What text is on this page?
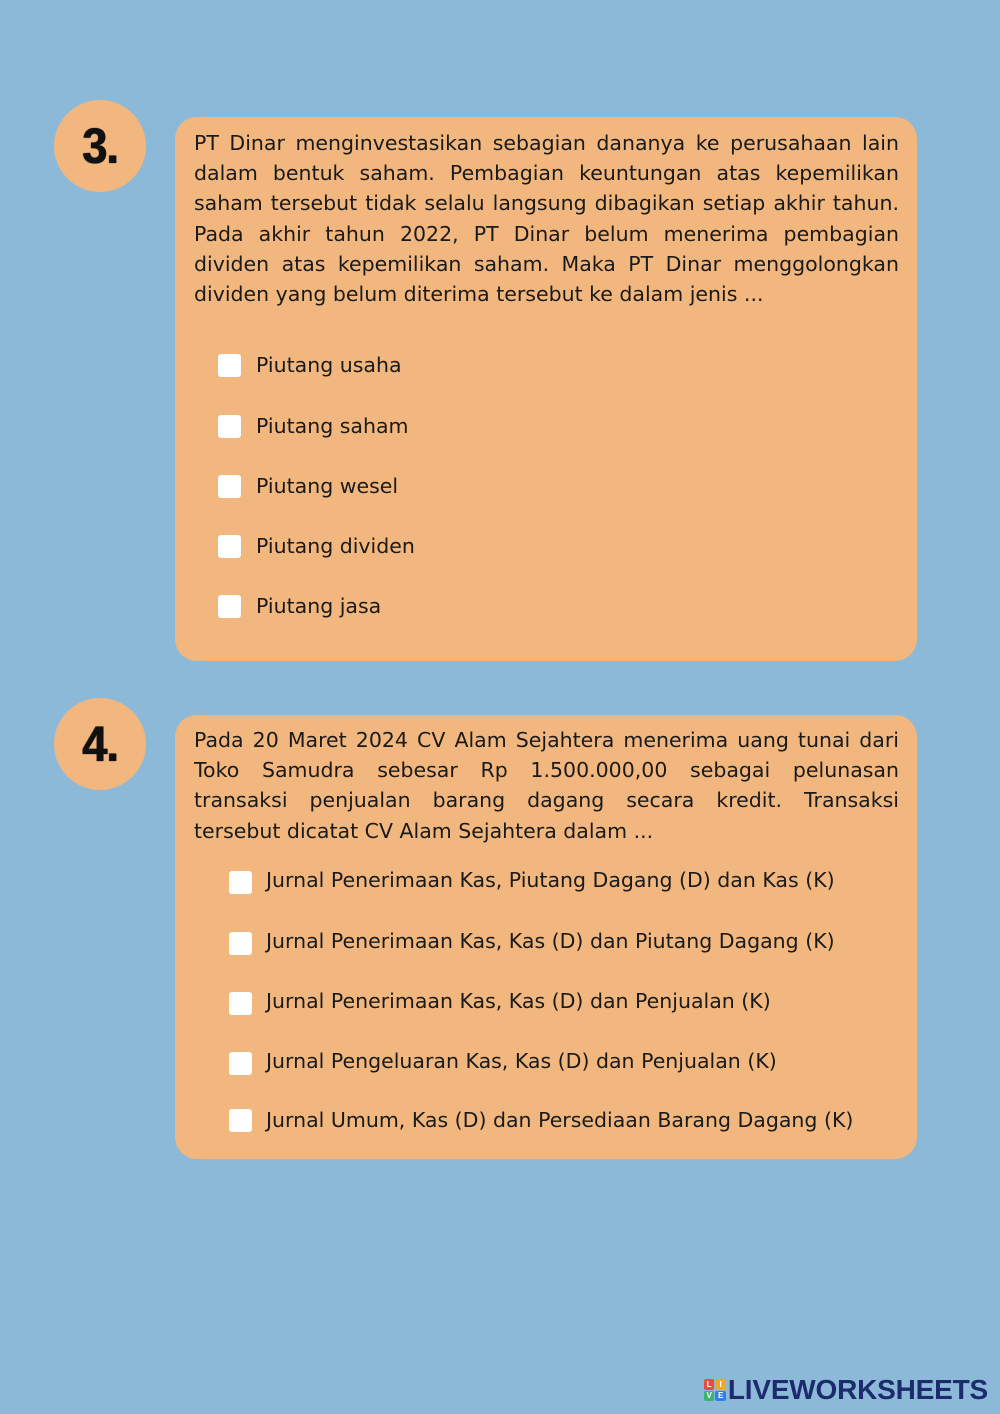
3.	PT Dinar menginvestasikan sebagian dananya ke perusahaan lain dalam bentuk saham. Pembagian keuntungan atas kepemilikan saham tersebut tidak selalu langsung dibagikan setiap akhir tahun. Pada akhir tahun 2022, PT Dinar belum menerima pembagian dividen atas kepemilikan saham. Maka PT Dinar menggolongkan dividen yang belum diterima tersebut ke dalam jenis ...

Piutang usaha
Piutang saham
Piutang wesel
Piutang dividen
Piutang jasa
4.	Pada 20 Maret 2024 CV Alam Sejahtera menerima uang tunai dari Toko Samudra sebesar Rp 1.500.000,00 sebagai pelunasan transaksi penjualan barang dagang secara kredit. Transaksi tersebut dicatat CV Alam Sejahtera dalam ...

Jurnal Penerimaan Kas, Piutang Dagang (D) dan Kas (K)
Jurnal Penerimaan Kas, Kas (D) dan Piutang Dagang (K)
Jurnal Penerimaan Kas, Kas (D) dan Penjualan (K)
Jurnal Pengeluaran Kas, Kas (D) dan Penjualan (K)
Jurnal Umum, Kas (D) dan Persediaan Barang Dagang (K)
L I
V E LIVEWORKSHEETS
